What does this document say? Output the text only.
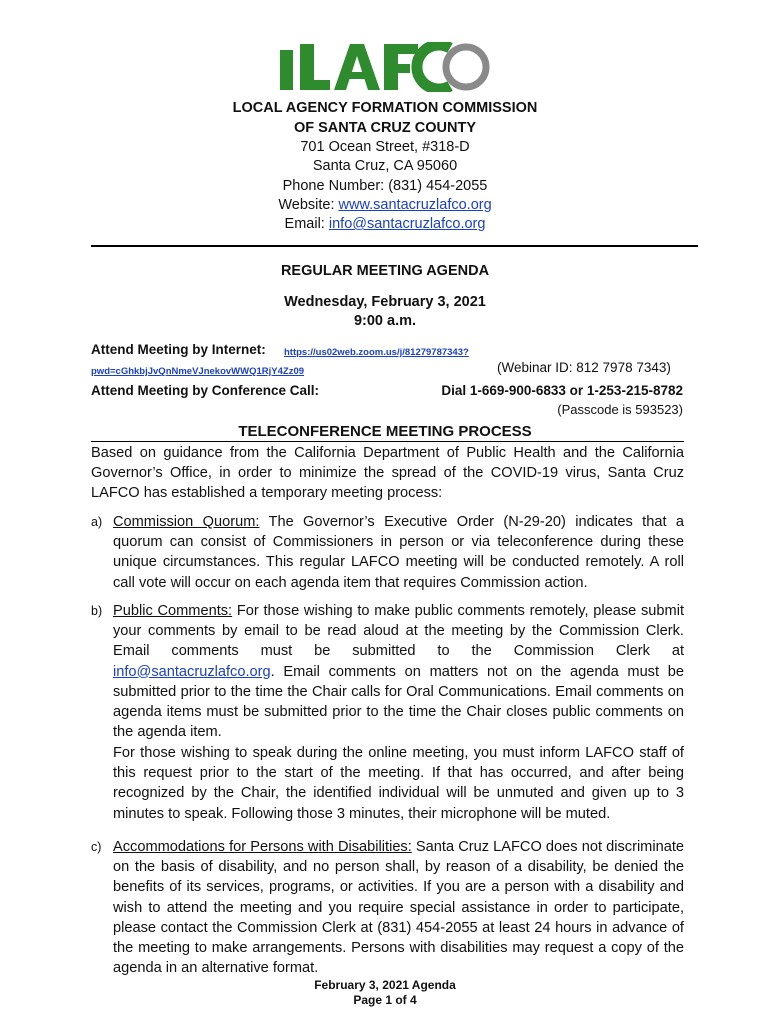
LAFCO
LOCAL AGENCY FORMATION COMMISSION
OF SANTA CRUZ COUNTY
701 Ocean Street, #318-D
Santa Cruz, CA 95060
Phone Number: (831) 454-2055
Website: www.santacruzlafco.org
Email: info@santacruzlafco.org
REGULAR MEETING AGENDA
Wednesday, February 3, 2021
9:00 a.m.
Attend Meeting by Internet: https://us02web.zoom.us/j/81279787343?
pwd=cGhkbjJvQnNmeVJnekovWWQ1RjY4Zz09	(Webinar ID: 812 7978 7343)
Attend Meeting by Conference Call:	Dial 1-669-900-6833 or 1-253-215-8782
(Passcode is 593523)
TELECONFERENCE MEETING PROCESS
Based on guidance from the California Department of Public Health and the California Governor’s Office, in order to minimize the spread of the COVID-19 virus, Santa Cruz LAFCO has established a temporary meeting process:
a) Commission Quorum: The Governor’s Executive Order (N-29-20) indicates that a quorum can consist of Commissioners in person or via teleconference during these unique circumstances. This regular LAFCO meeting will be conducted remotely. A roll call vote will occur on each agenda item that requires Commission action.
b) Public Comments: For those wishing to make public comments remotely, please submit your comments by email to be read aloud at the meeting by the Commission Clerk. Email comments must be submitted to the Commission Clerk at info@santacruzlafco.org. Email comments on matters not on the agenda must be submitted prior to the time the Chair calls for Oral Communications. Email comments on agenda items must be submitted prior to the time the Chair closes public comments on the agenda item.
For those wishing to speak during the online meeting, you must inform LAFCO staff of this request prior to the start of the meeting. If that has occurred, and after being recognized by the Chair, the identified individual will be unmuted and given up to 3 minutes to speak. Following those 3 minutes, their microphone will be muted.
c) Accommodations for Persons with Disabilities: Santa Cruz LAFCO does not discriminate on the basis of disability, and no person shall, by reason of a disability, be denied the benefits of its services, programs, or activities. If you are a person with a disability and wish to attend the meeting and you require special assistance in order to participate, please contact the Commission Clerk at (831) 454-2055 at least 24 hours in advance of the meeting to make arrangements. Persons with disabilities may request a copy of the agenda in an alternative format.
February 3, 2021 Agenda
Page 1 of 4
